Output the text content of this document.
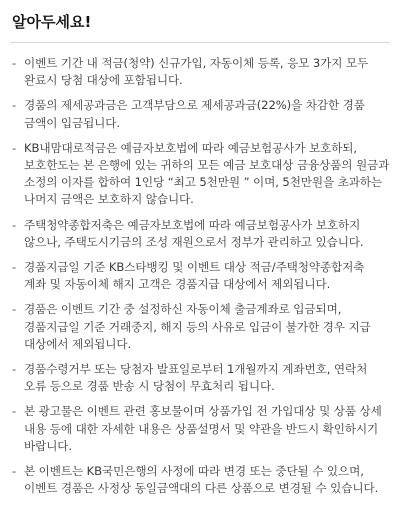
알아두세요!
- 이벤트 기간 내 적금(청약) 신규가입, 자동이체 등록, 응모 3가지 모두 완료시 당첨 대상에 포함됩니다.
- 경품의 제세공과금은 고객부담으로 제세공과금(22%)을 차감한 경품 금액이 입금됩니다.
- KB내맘대로적금은 예금자보호법에 따라 예금보험공사가 보호하되, 보호한도는 본 은행에 있는 귀하의 모든 예금 보호대상 금융상품의 원금과 소정의 이자를 합하여 1인당 “최고 5천만원 ” 이며, 5천만원을 초과하는 나머지 금액은 보호하지 않습니다.
- 주택청약종합저축은 예금자보호법에 따라 예금보험공사가 보호하지 않으나, 주택도시기금의 조성 재원으로서 정부가 관리하고 있습니다.
- 경품지급일 기준 KB스타뱅킹 및 이벤트 대상 적금/주택청약종합저축 계좌 및 자동이체 해지 고객은 경품지급 대상에서 제외됩니다.
- 경품은 이벤트 기간 중 설정하신 자동이체 출금계좌로 입금되며, 경품지급일 기준 거래중지, 해지 등의 사유로 입금이 불가한 경우 지급 대상에서 제외됩니다.
- 경품수령거부 또는 당첨자 발표일로부터 1개월까지 계좌번호, 연락처 오류 등으로 경품 반송 시 당첨이 무효처리 됩니다.
- 본 광고물은 이벤트 관련 홍보물이며 상품가입 전 가입대상 및 상품 상세 내용 등에 대한 자세한 내용은 상품설명서 및 약관을 반드시 확인하시기 바랍니다.
- 본 이벤트는 KB국민은행의 사정에 따라 변경 또는 중단될 수 있으며, 이벤트 경품은 사정상 동일금액대의 다른 상품으로 변경될 수 있습니다.
